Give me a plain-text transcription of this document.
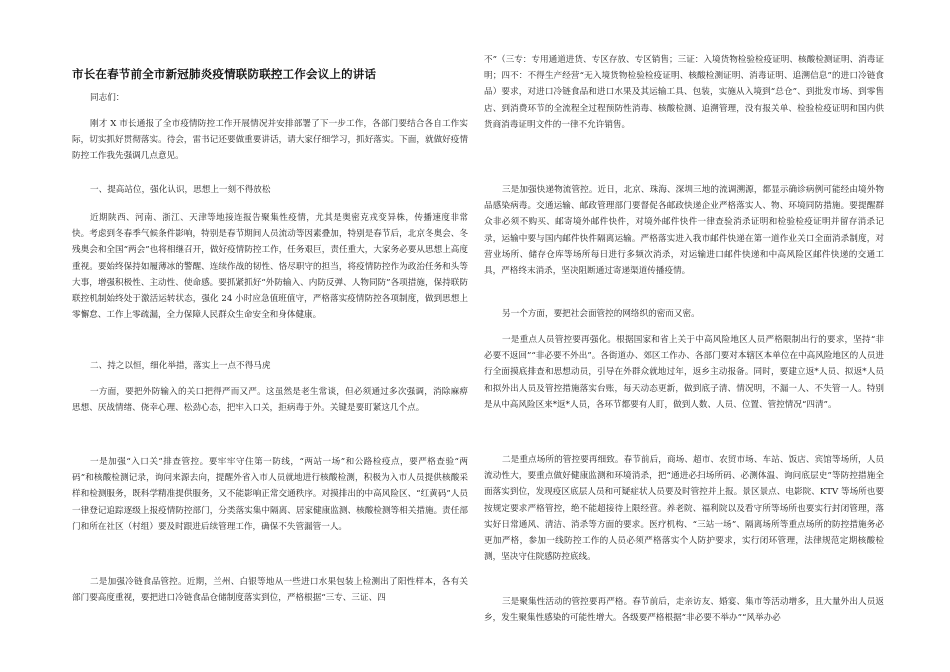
市长在春节前全市新冠肺炎疫情联防联控工作会议上的讲话

同志们：

刚才 X 市长通报了全市疫情防控工作开展情况并安排部署了下一步工作，各部门要结合各自工作实际，切实抓好贯彻落实。待会，雷书记还要做重要讲话，请大家仔细学习，抓好落实。下面，就做好疫情防控工作我先强调几点意见。

一、提高站位，强化认识，思想上一刻不得放松

近期陕西、河南、浙江、天津等地接连报告聚集性疫情，尤其是奥密克戎变异株，传播速度非常快。考虑到冬春季气候条件影响，特别是春节期间人员流动等因素叠加，特别是春节后，北京冬奥会、冬残奥会和全国“两会”也将相继召开，做好疫情防控工作，任务艰巨，责任重大，大家务必要从思想上高度重视。要始终保持如履薄冰的警醒、连续作战的韧性、恪尽职守的担当，将疫情防控作为政治任务和头等大事，增强积极性、主动性、使命感。要抓紧抓好“外防输入、内防反弹、人物同防”各项措施，保持联防联控机制始终处于激活运转状态，强化 24 小时应急值班值守，严格落实疫情防控各项制度，做到思想上零懈怠、工作上零疏漏，全力保障人民群众生命安全和身体健康。

二、持之以恒，细化举措，落实上一点不得马虎

一方面，要把外防输入的关口把得严而又严。这虽然是老生常谈，但必须通过多次强调，消除麻痹思想、厌战情绪、侥幸心理、松劲心态，把牢入口关，拒病毒于外。关键是要盯紧这几个点。

一是加强“入口关”排查管控。要牢牢守住第一防线，“两站一场”和公路检疫点，要严格查验“两码”和核酸检测记录，询问来源去向，提醒外省入市人员就地进行核酸检测，积极为入市人员提供核酸采样和检测服务，既科学精准提供服务，又不能影响正常交通秩序。对摸排出的中高风险区、“红黄码”人员一律登记追踪逐级上报疫情防控部门，分类落实集中隔离、居家健康监测、核酸检测等相关措施。责任部门和所在社区（村组）要及时跟进后续管理工作，确保不失管漏管一人。

二是加强冷链食品管控。近期，兰州、白银等地从一些进口水果包装上检测出了阳性样本，各有关部门要高度重视，要把进口冷链食品仓储制度落实到位，严格根据“三专、三证、四

不”（三专：专用通道进货、专区存放、专区销售；三证：入境货物检验检疫证明、核酸检测证明、消毒证明；四不：不得生产经营“无入境货物检验检疫证明、核酸检测证明、消毒证明、追溯信息”的进口冷链食品）要求，对进口冷链食品和进口水果及其运输工具、包装，实施从入境到“总仓”、到批发市场、到零售店、到消费环节的全流程全过程预防性消毒、核酸检测、追溯管理，没有报关单、检验检疫证明和国内供货商消毒证明文件的一律不允许销售。

三是加强快递物流管控。近日，北京、珠海、深圳三地的流调溯源，都显示确诊病例可能经由境外物品感染病毒。交通运输、邮政管理部门要督促各邮政快递企业严格落实人、物、环境同防措施。要提醒群众非必须不购买、邮寄境外邮件快件，对境外邮件快件一律查验消杀证明和检验检疫证明并留存消杀记录，运输中要与国内邮件快件隔离运输。严格落实进入我市邮件快递在第一道作业关口全面消杀制度，对营业场所、储存仓库等场所每日进行多频次消杀，对运输进口邮件快递和中高风险区邮件快递的交通工具，严格终末消杀，坚决阻断通过寄递渠道传播疫情。

另一个方面，要把社会面管控的网络织的密而又密。

一是重点人员管控要再强化。根据国家和省上关于中高风险地区人员严格限制出行的要求，坚持“非必要不返回”“非必要不外出”。各街道办、郊区工作办、各部门要对本辖区本单位在中高风险地区的人员进行全面摸底排查和思想动员，引导在外群众就地过年，返乡主动报备。同时，要建立返*人员、拟返*人员和拟外出人员及管控措施落实台账，每天动态更新，做到底子清、情况明，不漏一人、不失管一人。特别是从中高风险区来*返*人员，各环节都要有人盯，做到人数、人员、位置、管控情况“四清”。

二是重点场所的管控要再细致。春节前后，商场、超市、农贸市场、车站、饭店、宾馆等场所，人员流动性大，要重点做好健康监测和环境消杀，把“通进必扫场所码、必测体温、询问底层史”等防控措施全面落实到位，发现疫区底层人员和可疑症状人员要及时管控并上报。景区景点、电影院、KTV 等场所也要按规定要求严格管控，绝不能超接待上限经营。养老院、福利院以及看守所等场所也要实行封闭管理，落实好日常通风、清洁、消杀等方面的要求。医疗机构、“三站一场”、隔离场所等重点场所的防控措施务必更加严格，参加一线防控工作的人员必须严格落实个人防护要求，实行闭环管理，法律规范定期核酸检测，坚决守住院感防控底线。

三是聚集性活动的管控要再严格。春节前后，走亲访友、婚宴、集市等活动增多，且大量外出人员返乡，发生聚集性感染的可能性增大。各级要严格根据“非必要不举办”“风举办必
